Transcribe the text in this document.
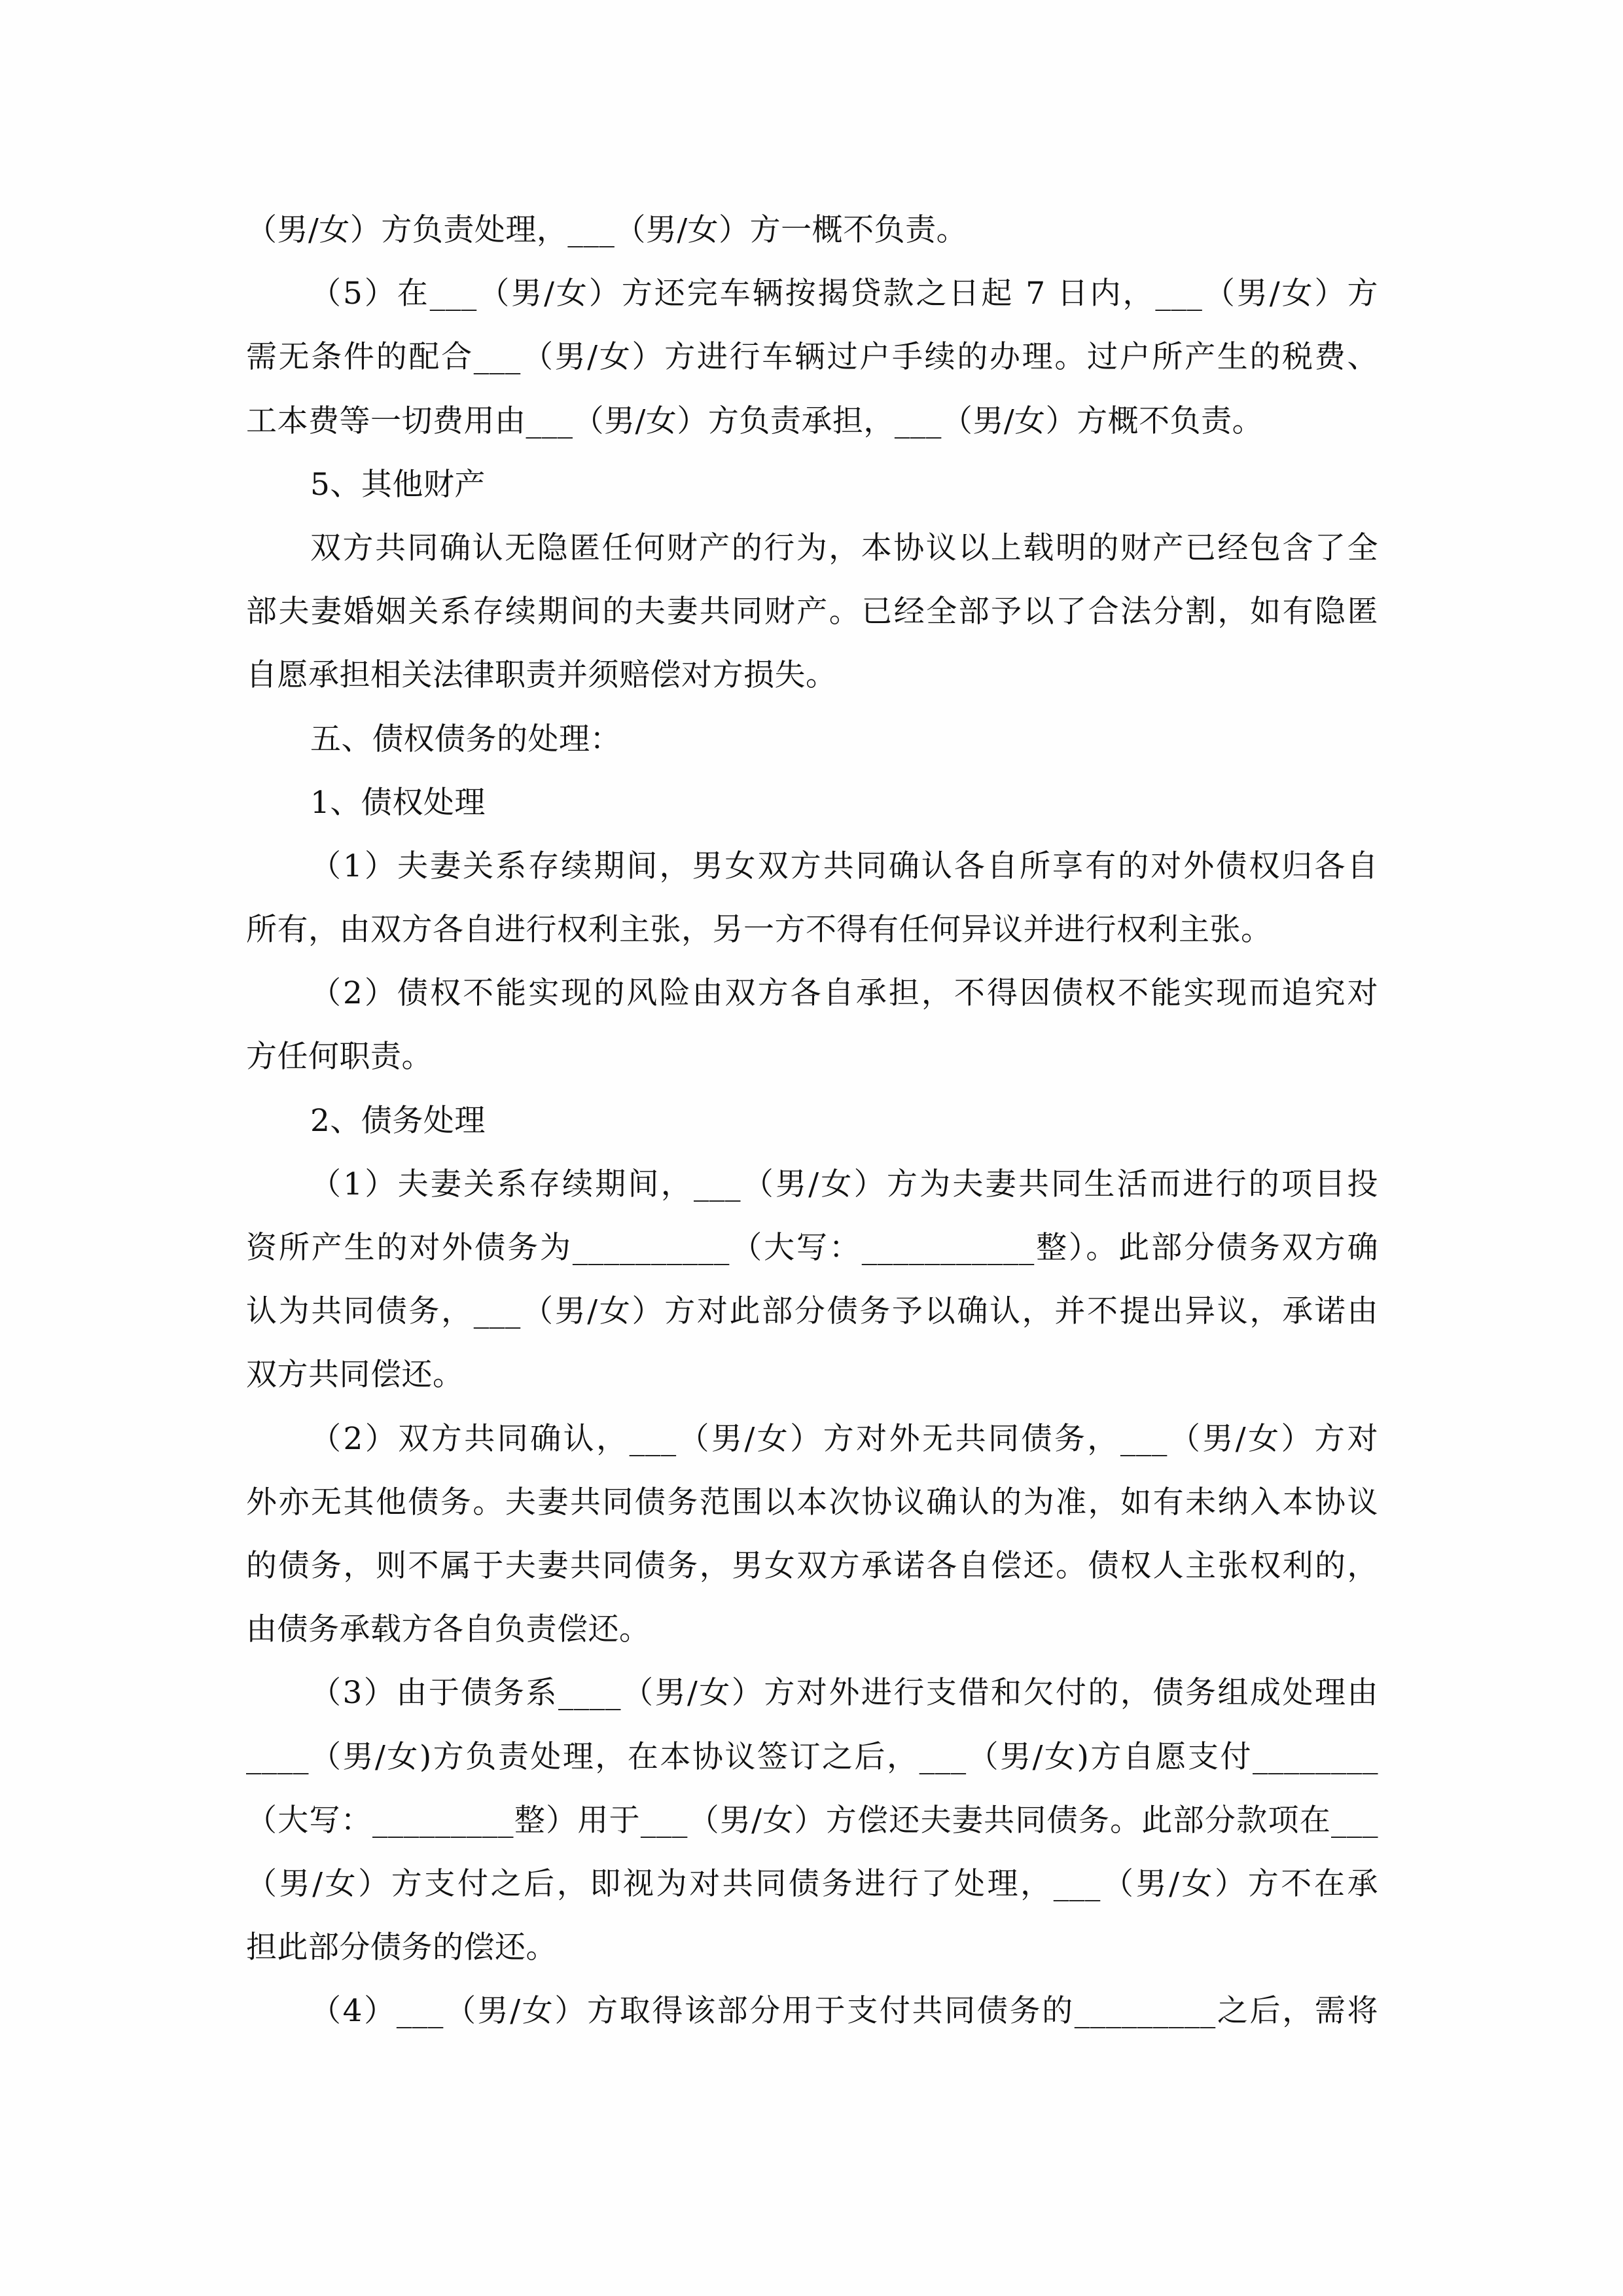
（男/女）方负责处理，___（男/女）方一概不负责。
（5）在___（男/女）方还完车辆按揭贷款之日起 7 日内，___（男/女）方
需无条件的配合___（男/女）方进行车辆过户手续的办理。过户所产生的税费、
工本费等一切费用由___（男/女）方负责承担，___（男/女）方概不负责。
5、其他财产
双方共同确认无隐匿任何财产的行为，本协议以上载明的财产已经包含了全
部夫妻婚姻关系存续期间的夫妻共同财产。已经全部予以了合法分割，如有隐匿
自愿承担相关法律职责并须赔偿对方损失。
五、债权债务的处理：
1、债权处理
（1）夫妻关系存续期间，男女双方共同确认各自所享有的对外债权归各自
所有，由双方各自进行权利主张，另一方不得有任何异议并进行权利主张。
（2）债权不能实现的风险由双方各自承担，不得因债权不能实现而追究对
方任何职责。
2、债务处理
（1）夫妻关系存续期间，___（男/女）方为夫妻共同生活而进行的项目投
资所产生的对外债务为__________（大写：___________整）。此部分债务双方确
认为共同债务，___（男/女）方对此部分债务予以确认，并不提出异议，承诺由
双方共同偿还。
（2）双方共同确认，___（男/女）方对外无共同债务，___（男/女）方对
外亦无其他债务。夫妻共同债务范围以本次协议确认的为准，如有未纳入本协议
的债务，则不属于夫妻共同债务，男女双方承诺各自偿还。债权人主张权利的，
由债务承载方各自负责偿还。
（3）由于债务系____（男/女）方对外进行支借和欠付的，债务组成处理由
____（男/女)方负责处理，在本协议签订之后，___（男/女)方自愿支付________
（大写：_________整）用于___（男/女）方偿还夫妻共同债务。此部分款项在___
（男/女）方支付之后，即视为对共同债务进行了处理，___（男/女）方不在承
担此部分债务的偿还。
（4）___（男/女）方取得该部分用于支付共同债务的_________之后，需将
